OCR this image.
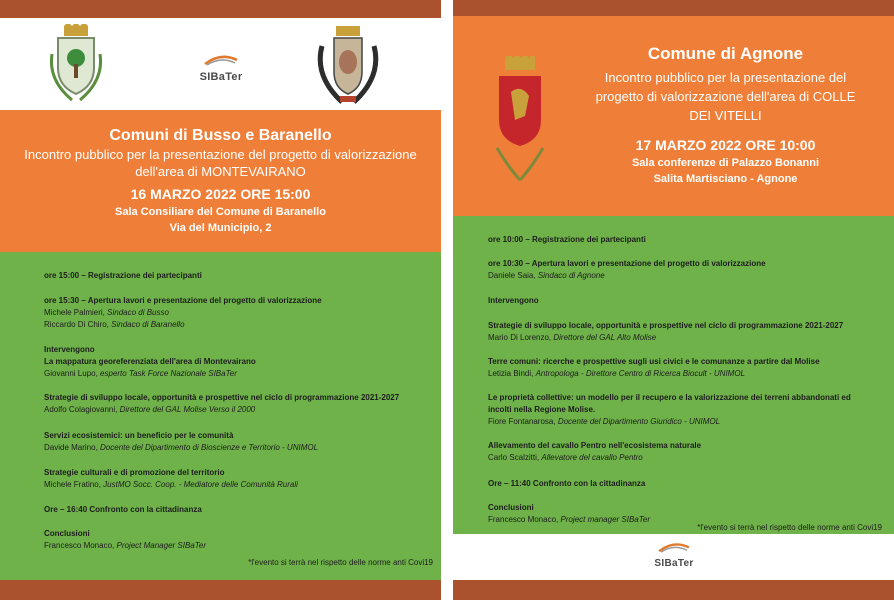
SIBaTer
Comuni di Busso e Baranello
Incontro pubblico per la presentazione del progetto di valorizzazione dell'area di MONTEVAIRANO
16 MARZO 2022 ORE 15:00
Sala Consiliare del Comune di Baranello
Via del Municipio, 2
ore 15:00 – Registrazione dei partecipanti
ore 15:30 – Apertura lavori e presentazione del progetto di valorizzazione
Michele Palmieri, Sindaco di Busso
Riccardo Di Chiro, Sindaco di Baranello
Intervengono
La mappatura georeferenziata dell'area di Montevairano
Giovanni Lupo, esperto Task Force Nazionale SIBaTer
Strategie di sviluppo locale, opportunità e prospettive nel ciclo di programmazione 2021-2027
Adolfo Colagiovanni, Direttore del GAL Molise Verso il 2000
Servizi ecosistemici: un beneficio per le comunità
Davide Marino, Docente del Dipartimento di Bioscienze e Territorio - UNIMOL
Strategie culturali e di promozione del territorio
Michele Fratino, JustMO Socc. Coop. - Mediatore delle Comunità Rurali
Ore – 16:40 Confronto con la cittadinanza
Conclusioni
Francesco Monaco, Project Manager SIBaTer
*l'evento si terrà nel rispetto delle norme anti Covi19
Comune di Agnone
Incontro pubblico per la presentazione del progetto di valorizzazione dell'area di COLLE DEI VITELLI
17 MARZO 2022 ORE 10:00
Sala conferenze di Palazzo Bonanni
Salita Martisciano - Agnone
ore 10:00 – Registrazione dei partecipanti
ore 10:30 – Apertura lavori e presentazione del progetto di valorizzazione
Daniele Saia, Sindaco di Agnone
Intervengono
Strategie di sviluppo locale, opportunità e prospettive nel ciclo di programmazione 2021-2027
Mario Di Lorenzo, Direttore del GAL Alto Molise
Terre comuni: ricerche e prospettive sugli usi civici e le comunanze a partire dal Molise
Letizia Bindi, Antropologa - Direttore Centro di Ricerca Biocult - UNIMOL
Le proprietà collettive: un modello per il recupero e la valorizzazione dei terreni abbandonati ed incolti nella Regione Molise.
Fiore Fontanarosa, Docente del Dipartimento Giuridico - UNIMOL
Allevamento del cavallo Pentro nell'ecosistema naturale
Carlo Scalzitti, Allevatore del cavallo Pentro
Ore – 11:40 Confronto con la cittadinanza
Conclusioni
Francesco Monaco, Project manager SIBaTer
*l'evento si terrà nel rispetto delle norme anti Covi19
SIBaTer
